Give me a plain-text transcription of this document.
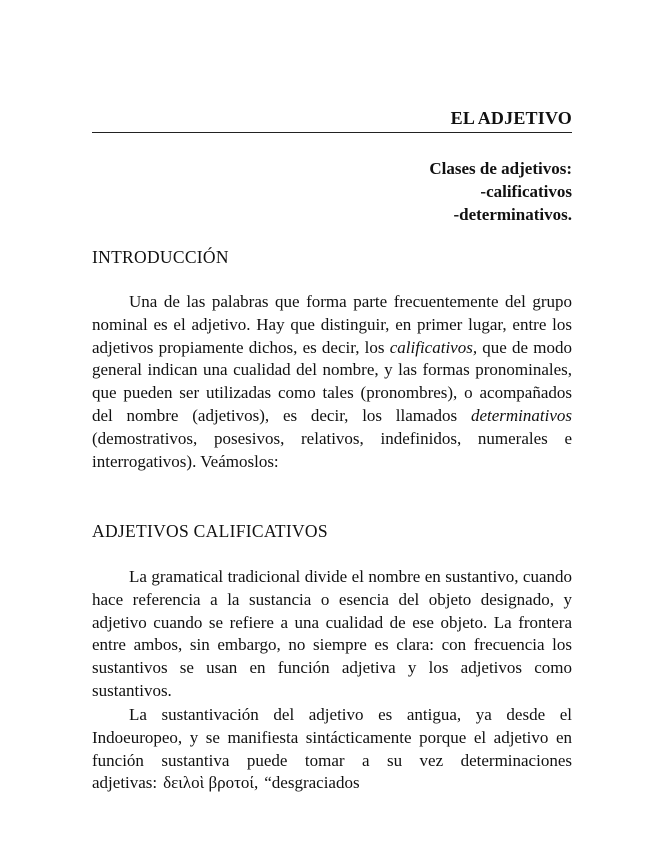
EL ADJETIVO
Clases de adjetivos:
-calificativos
-determinativos.
INTRODUCCIÓN

Una de las palabras que forma parte frecuentemente del grupo nominal es el adjetivo. Hay que distinguir, en primer lugar, entre los adjetivos propiamente dichos, es decir, los calificativos, que de modo general indican una cualidad del nombre, y las formas pronominales, que pueden ser utilizadas como tales (pronombres), o acompañados del nombre (adjetivos), es decir, los llamados determinativos (demostrativos, posesivos, relativos, indefinidos, numerales e interrogativos). Veámoslos:

ADJETIVOS CALIFICATIVOS

La gramatical tradicional divide el nombre en sustantivo, cuando hace referencia a la sustancia o esencia del objeto designado, y adjetivo cuando se refiere a una cualidad de ese objeto. La frontera entre ambos, sin embargo, no siempre es clara: con frecuencia los sustantivos se usan en función adjetiva y los adjetivos como sustantivos.

La sustantivación del adjetivo es antigua, ya desde el Indoeuropeo, y se manifiesta sintácticamente porque el adjetivo en función sustantiva puede tomar a su vez determinaciones adjetivas: δειλοὶ βροτοί, “desgraciados
